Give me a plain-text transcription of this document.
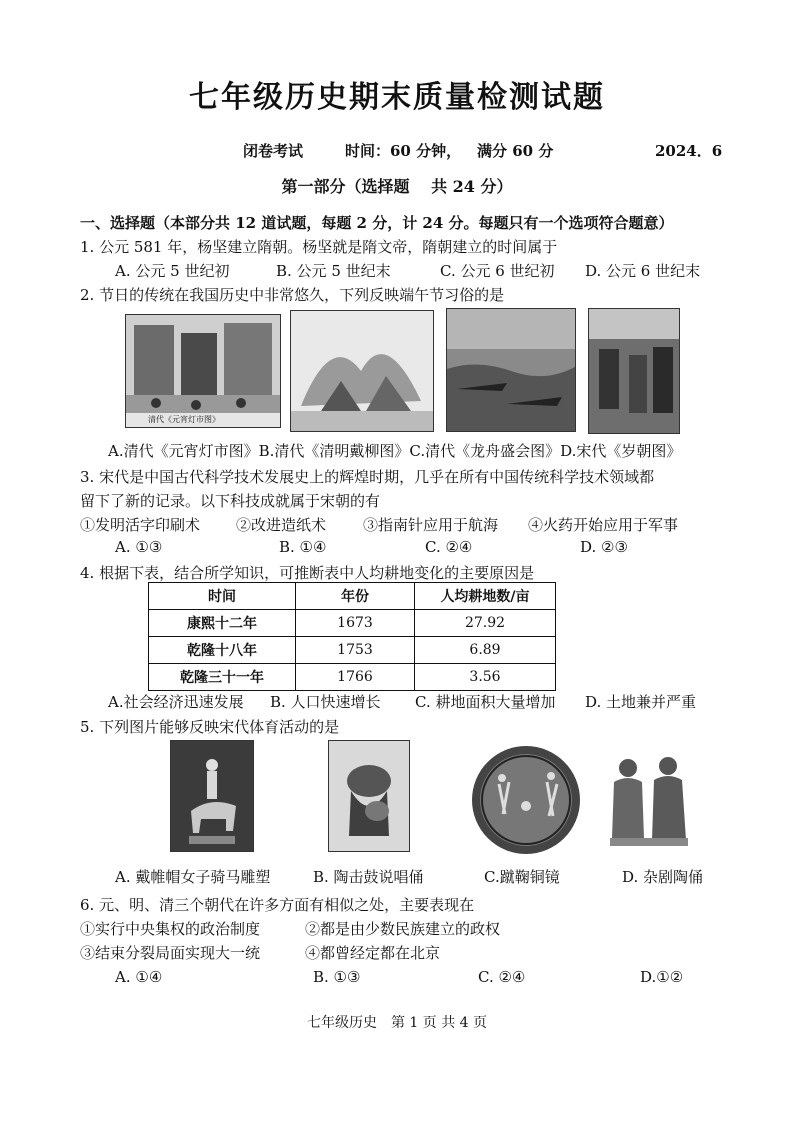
七年级历史期末质量检测试题
闭卷考试	时间：60 分钟， 满分 60 分	2024．6
第一部分（选择题　 共 24 分）
一、选择题（本部分共 12 道试题，每题 2 分，计 24 分。每题只有一个选项符合题意）
1. 公元 581 年，杨坚建立隋朝。杨坚就是隋文帝，隋朝建立的时间属于
A. 公元 5 世纪初	B. 公元 5 世纪末	C. 公元 6 世纪初 D. 公元 6 世纪末
2. 节日的传统在我国历史中非常悠久，下列反映端午节习俗的是
清代《元宵灯市图》
A.清代《元宵灯市图》B.清代《清明戴柳图》C.清代《龙舟盛会图》D.宋代《岁朝图》
3. 宋代是中国古代科学技术发展史上的辉煌时期，几乎在所有中国传统科学技术领域都
留下了新的记录。以下科技成就属于宋朝的有
①发明活字印刷术 ②改进造纸术 ③指南针应用于航海 ④火药开始应用于军事
A. ①③	B. ①④	C. ②④	D. ②③
4. 根据下表，结合所学知识，可推断表中人均耕地变化的主要原因是
时间	年份	人均耕地数/亩
康熙十二年	1673	27.92
乾隆十八年	1753	6.89
乾隆三十一年	1766	3.56
A.社会经济迅速发展 B. 人口快速增长 C. 耕地面积大量增加 D. 土地兼并严重
5. 下列图片能够反映宋代体育活动的是
A. 戴帷帽女子骑马雕塑	B. 陶击鼓说唱俑	C.蹴鞠铜镜	D. 杂剧陶俑
6. 元、明、清三个朝代在许多方面有相似之处，主要表现在
①实行中央集权的政治制度	②都是由少数民族建立的政权
③结束分裂局面实现大一统	④都曾经定都在北京
A. ①④	B. ①③	C. ②④	D.①②
七年级历史　第 1 页 共 4 页
